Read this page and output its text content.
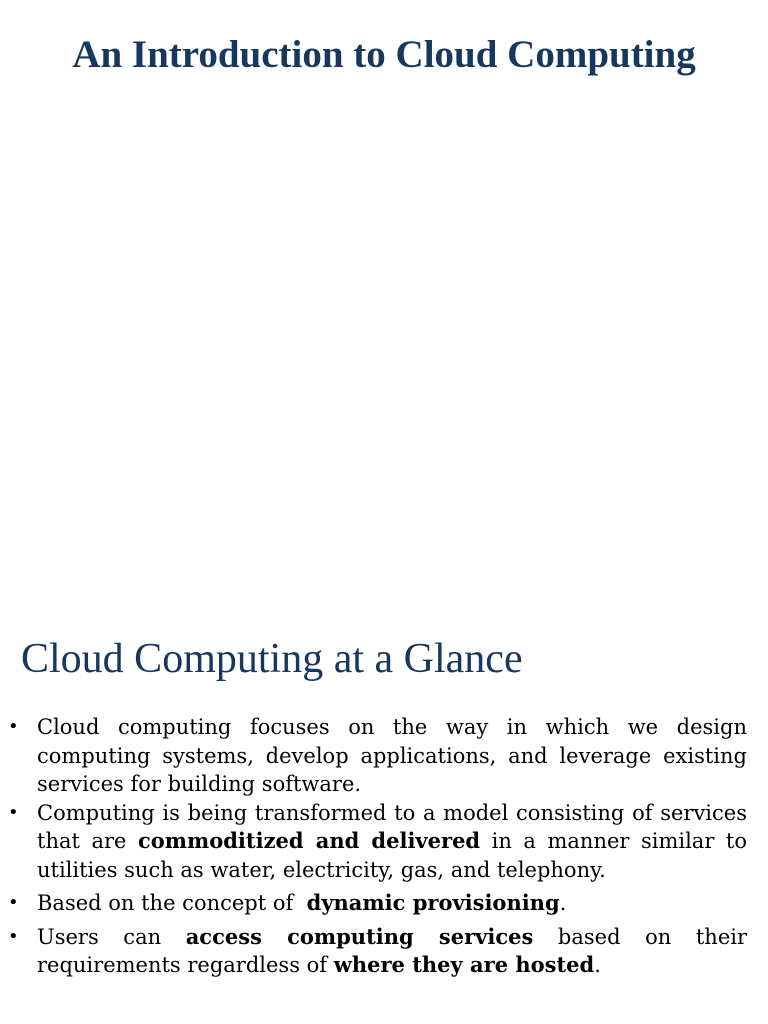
An Introduction to Cloud Computing
Cloud Computing at a Glance
• Cloud computing focuses on the way in which we design computing systems, develop applications, and leverage existing services for building software.
• Computing is being transformed to a model consisting of services that are commoditized and delivered in a manner similar to utilities such as water, electricity, gas, and telephony.
• Based on the concept of  dynamic provisioning.
• Users can access computing services based on their requirements regardless of where they are hosted.
